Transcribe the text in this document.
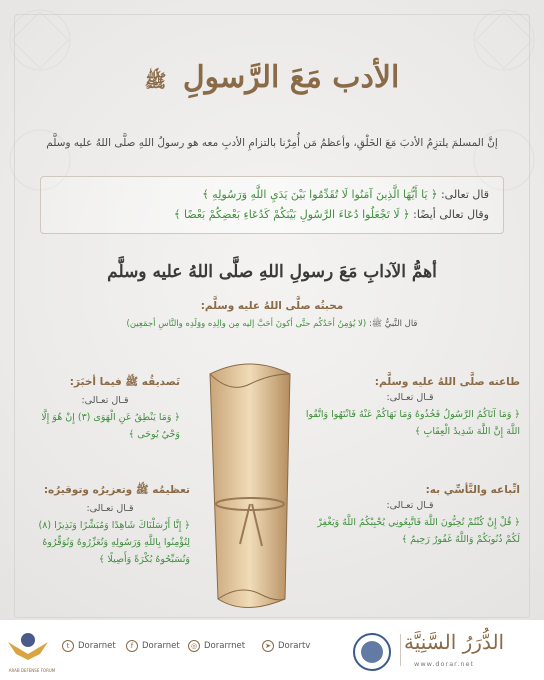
الأدب مَعَ الرَّسولِ ﷺ
إنَّ المسلمَ يلتزِمُ الأدبَ مَعَ الخَلْقِ، وأعظمُ مَن أُمِرْنا بالتزامِ الأدبِ معه هو رسولُ اللهِ صلَّى اللهُ عليه وسلَّم
قال تعالى: ﴿ يَا أَيُّهَا الَّذِينَ آمَنُوا لَا تُقَدِّمُوا بَيْنَ يَدَيِ اللَّهِ وَرَسُولِهِ ﴾
وقال تعالى أيضًا: ﴿ لَا تَجْعَلُوا دُعَاءَ الرَّسُولِ بَيْنَكُمْ كَدُعَاءِ بَعْضِكُمْ بَعْضًا ﴾
أهمُّ الآدابِ مَعَ رسولِ اللهِ صلَّى اللهُ عليه وسلَّم
محبتُه صلَّى اللهُ عليه وسلَّم:
قال النَّبيُّ ﷺ: (لا يُؤمِنُ أحَدُكُم حتَّى أكونَ أحَبَّ إليه مِن والِدِه ووَلَدِه والنَّاسِ أجمَعِين)
طاعته صلَّى اللهُ عليه وسلَّم:
قـال تعـالى:
﴿ وَمَا آتَاكُمُ الرَّسُولُ فَخُذُوهُ وَمَا نَهَاكُمْ عَنْهُ فَانْتَهُوا وَاتَّقُوا اللَّهَ إِنَّ اللَّهَ شَدِيدُ الْعِقَابِ ﴾
تَصديقُه ﷺ فيما أخبَرَ:
قـال تعـالى:
﴿ وَمَا يَنْطِقُ عَنِ الْهَوَى (٣) إِنْ هُوَ إِلَّا وَحْيٌ يُوحَى ﴾
اتِّباعه والتَّأسِّي به:
قـال تعـالى:
﴿ قُلْ إِنْ كُنْتُمْ تُحِبُّونَ اللَّهَ فَاتَّبِعُونِي يُحْبِبْكُمُ اللَّهُ وَيَغْفِرْ لَكُمْ ذُنُوبَكُمْ وَاللَّهُ غَفُورٌ رَحِيمٌ ﴾
تعظيمُه ﷺ وتعزيرُه وتوقيرُه:
قـال تعـالى:
﴿ إِنَّا أَرْسَلْنَاكَ شَاهِدًا وَمُبَشِّرًا وَنَذِيرًا (٨) لِتُؤْمِنُوا بِاللَّهِ وَرَسُولِهِ وَتُعَزِّرُوهُ وَتُوَقِّرُوهُ وَتُسَبِّحُوهُ بُكْرَةً وَأَصِيلًا ﴾
ARAB DEFENSE FORUM
t	Dorarnet	f	Dorarnet	◎ Dorarrnet	➤ Dorartv	الدُّرَرُ السَّنِيَّة
www.dorar.net
